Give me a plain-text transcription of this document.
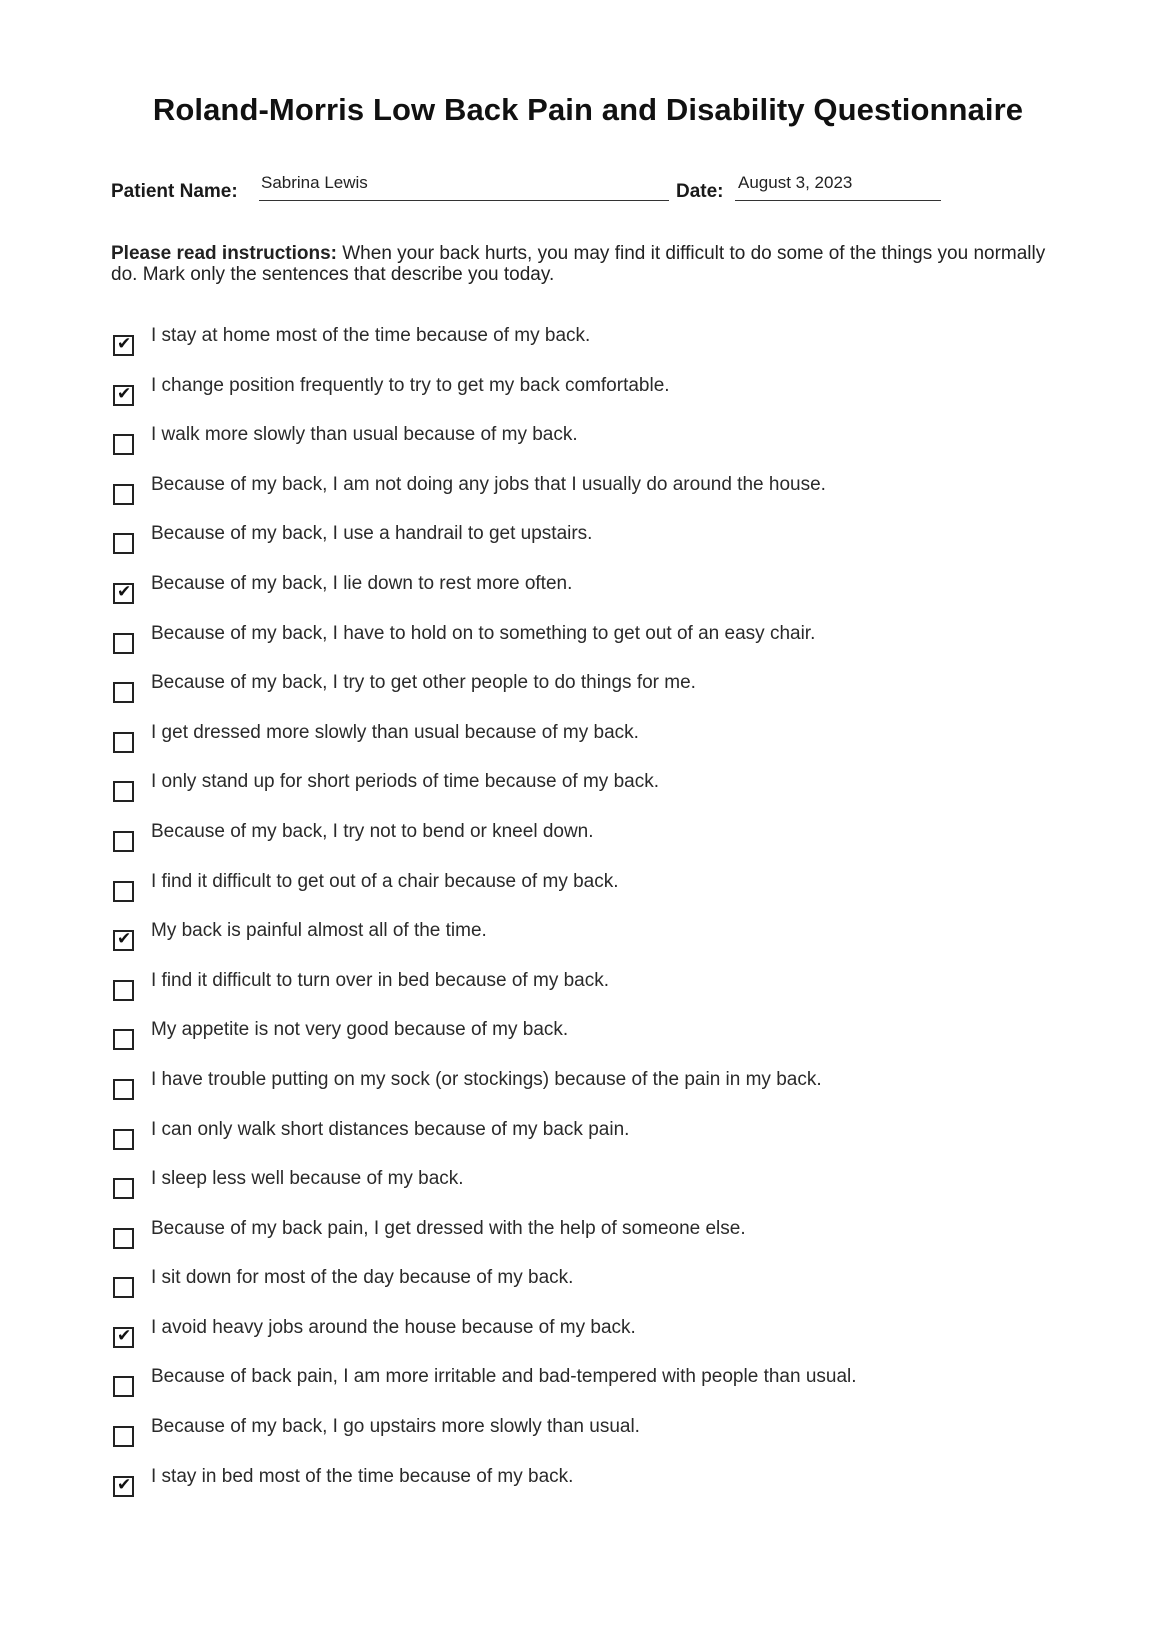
Roland-Morris Low Back Pain and Disability Questionnaire
Patient Name: Sabrina Lewis	Date: August 3, 2023
Please read instructions: When your back hurts, you may find it difficult to do some of the things you normally do. Mark only the sentences that describe you today.
✔ I stay at home most of the time because of my back.
✔ I change position frequently to try to get my back comfortable.
I walk more slowly than usual because of my back.
Because of my back, I am not doing any jobs that I usually do around the house.
Because of my back, I use a handrail to get upstairs.
✔ Because of my back, I lie down to rest more often.
Because of my back, I have to hold on to something to get out of an easy chair.
Because of my back, I try to get other people to do things for me.
I get dressed more slowly than usual because of my back.
I only stand up for short periods of time because of my back.
Because of my back, I try not to bend or kneel down.
I find it difficult to get out of a chair because of my back.
✔ My back is painful almost all of the time.
I find it difficult to turn over in bed because of my back.
My appetite is not very good because of my back.
I have trouble putting on my sock (or stockings) because of the pain in my back.
I can only walk short distances because of my back pain.
I sleep less well because of my back.
Because of my back pain, I get dressed with the help of someone else.
I sit down for most of the day because of my back.
✔ I avoid heavy jobs around the house because of my back.
Because of back pain, I am more irritable and bad-tempered with people than usual.
Because of my back, I go upstairs more slowly than usual.
✔ I stay in bed most of the time because of my back.
